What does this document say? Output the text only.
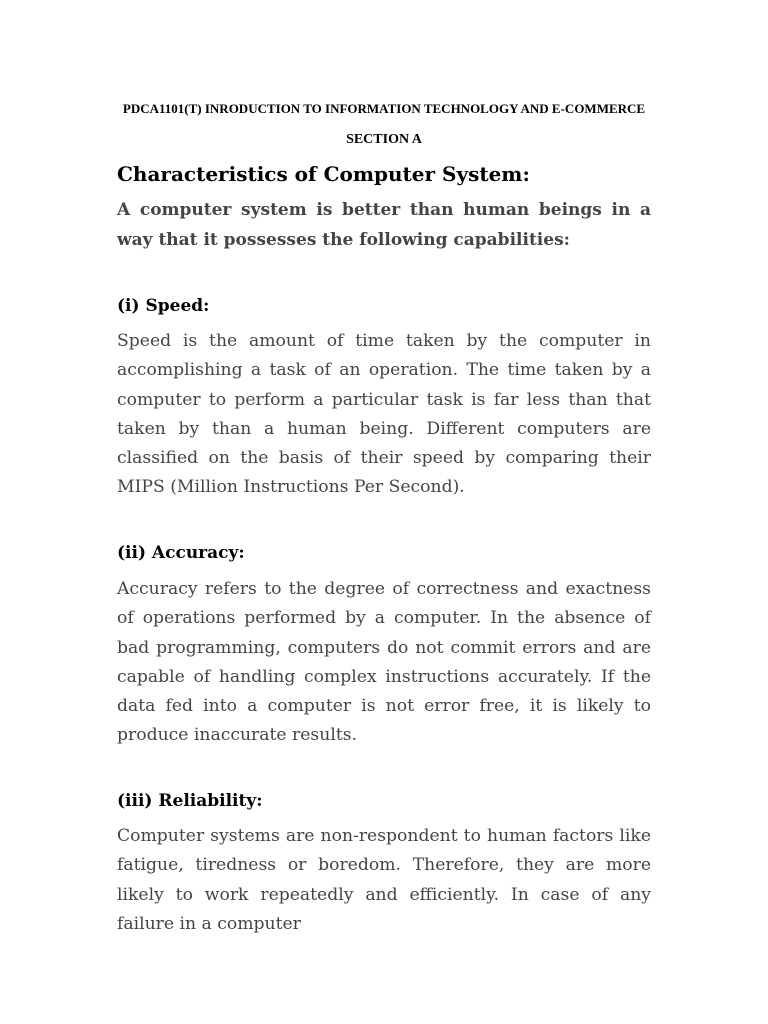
PDCA1101(T) INRODUCTION TO INFORMATION TECHNOLOGY AND E-COMMERCE
SECTION A
Characteristics of Computer System:
A computer system is better than human beings in a way that it possesses the following capabilities:
(i) Speed:
Speed is the amount of time taken by the computer in accomplishing a task of an operation. The time taken by a computer to perform a particular task is far less than that taken by than a human being. Different computers are classified on the basis of their speed by comparing their MIPS (Million Instructions Per Second).
(ii) Accuracy:
Accuracy refers to the degree of correctness and exactness of operations performed by a computer. In the absence of bad programming, computers do not commit errors and are capable of handling complex instructions accurately. If the data fed into a computer is not error free, it is likely to produce inaccurate results.
(iii) Reliability:
Computer systems are non-respondent to human factors like fatigue, tiredness or boredom. Therefore, they are more likely to work repeatedly and efficiently. In case of any failure in a computer
